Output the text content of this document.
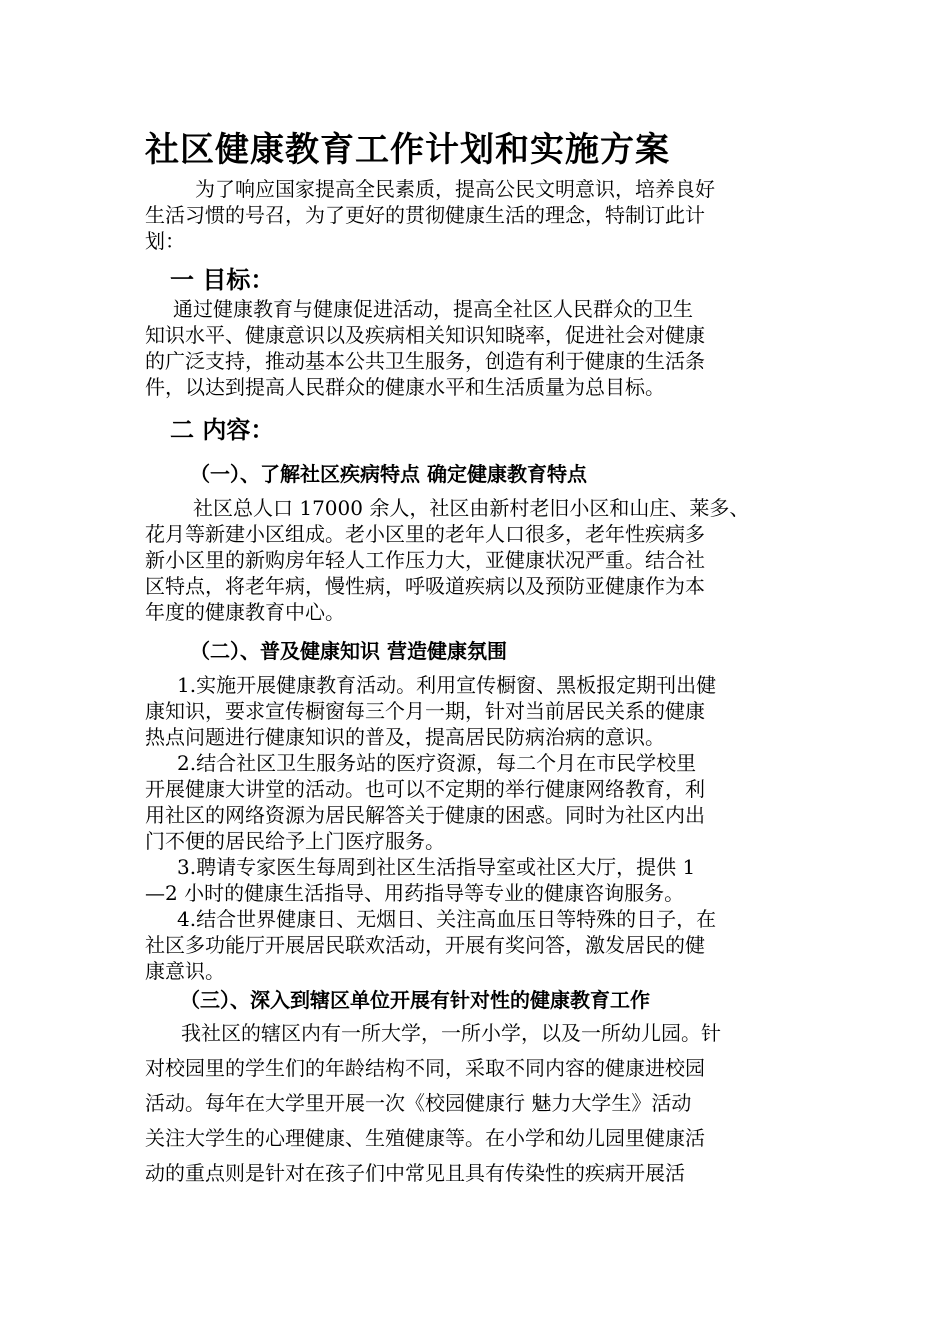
社区健康教育工作计划和实施方案
为了响应国家提高全民素质，提高公民文明意识，培养良好
生活习惯的号召，为了更好的贯彻健康生活的理念，特制订此计
划：
一 目标：
通过健康教育与健康促进活动，提高全社区人民群众的卫生
知识水平、健康意识以及疾病相关知识知晓率，促进社会对健康
的广泛支持，推动基本公共卫生服务，创造有利于健康的生活条
件，以达到提高人民群众的健康水平和生活质量为总目标。
二 内容：
（一）、了解社区疾病特点 确定健康教育特点
社区总人口 17000 余人，社区由新村老旧小区和山庄、莱多、
花月等新建小区组成。老小区里的老年人口很多，老年性疾病多
新小区里的新购房年轻人工作压力大，亚健康状况严重。结合社
区特点，将老年病，慢性病，呼吸道疾病以及预防亚健康作为本
年度的健康教育中心。
（二）、普及健康知识 营造健康氛围
1.实施开展健康教育活动。利用宣传橱窗、黑板报定期刊出健
康知识，要求宣传橱窗每三个月一期，针对当前居民关系的健康
热点问题进行健康知识的普及，提高居民防病治病的意识。
2.结合社区卫生服务站的医疗资源，每二个月在市民学校里
开展健康大讲堂的活动。也可以不定期的举行健康网络教育，利
用社区的网络资源为居民解答关于健康的困惑。同时为社区内出
门不便的居民给予上门医疗服务。
3.聘请专家医生每周到社区生活指导室或社区大厅，提供 1
—2 小时的健康生活指导、用药指导等专业的健康咨询服务。
4.结合世界健康日、无烟日、关注高血压日等特殊的日子，在
社区多功能厅开展居民联欢活动，开展有奖问答，激发居民的健
康意识。
（三）、深入到辖区单位开展有针对性的健康教育工作
我社区的辖区内有一所大学，一所小学，以及一所幼儿园。针
对校园里的学生们的年龄结构不同，采取不同内容的健康进校园
活动。每年在大学里开展一次《校园健康行 魅力大学生》活动
关注大学生的心理健康、生殖健康等。在小学和幼儿园里健康活
动的重点则是针对在孩子们中常见且具有传染性的疾病开展活
